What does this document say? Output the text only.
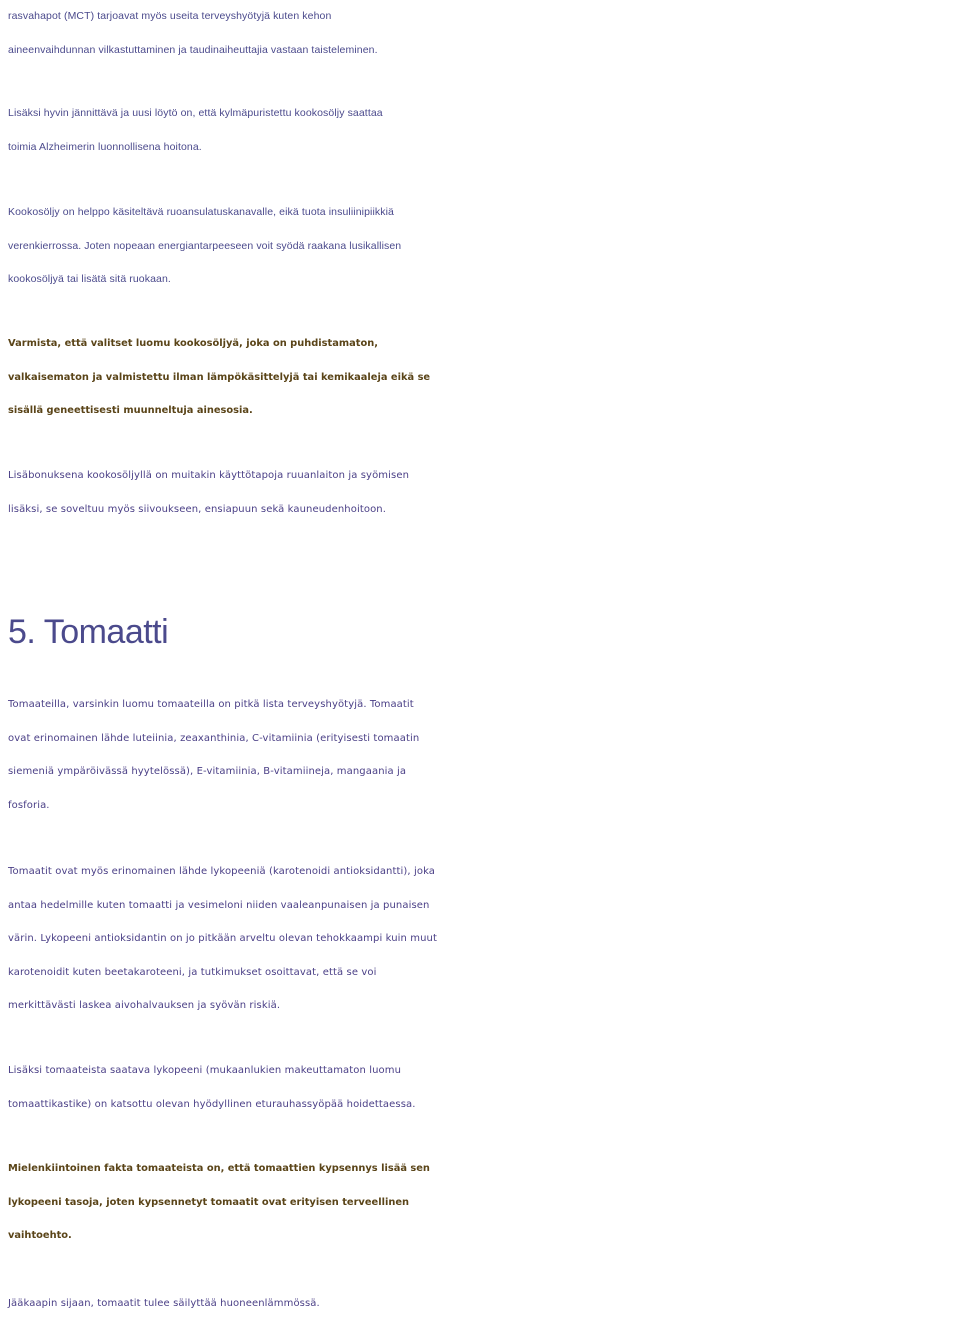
rasvahapot (MCT) tarjoavat myös useita terveyshyötyjä kuten kehon
aineenvaihdunnan vilkastuttaminen ja taudinaiheuttajia vastaan taisteleminen.

Lisäksi hyvin jännittävä ja uusi löytö on, että kylmäpuristettu kookosöljy saattaa
toimia Alzheimerin luonnollisena hoitona.

Kookosöljy on helppo käsiteltävä ruoansulatuskanavalle, eikä tuota insuliinipiikkiä
verenkierrossa. Joten nopeaan energiantarpeeseen voit syödä raakana lusikallisen
kookosöljyä tai lisätä sitä ruokaan.

Varmista, että valitset luomu kookosöljyä, joka on puhdistamaton,
valkaisematon ja valmistettu ilman lämpökäsittelyjä tai kemikaaleja eikä se
sisällä geneettisesti muunneltuja ainesosia.

Lisäbonuksena kookosöljyllä on muitakin käyttötapoja ruuanlaiton ja syömisen
lisäksi, se soveltuu myös siivoukseen, ensiapuun sekä kauneudenhoitoon.

5. Tomaatti

Tomaateilla, varsinkin luomu tomaateilla on pitkä lista terveyshyötyjä. Tomaatit
ovat erinomainen lähde luteiinia, zeaxanthinia, C-vitamiinia (erityisesti tomaatin
siemeniä ympäröivässä hyytelössä), E-vitamiinia, B-vitamiineja, mangaania ja
fosforia.

Tomaatit ovat myös erinomainen lähde lykopeeniä (karotenoidi antioksidantti), joka
antaa hedelmille kuten tomaatti ja vesimeloni niiden vaaleanpunaisen ja punaisen
värin. Lykopeeni antioksidantin on jo pitkään arveltu olevan tehokkaampi kuin muut
karotenoidit kuten beetakaroteeni, ja tutkimukset osoittavat, että se voi
merkittävästi laskea aivohalvauksen ja syövän riskiä.

Lisäksi tomaateista saatava lykopeeni (mukaanlukien makeuttamaton luomu
tomaattikastike) on katsottu olevan hyödyllinen eturauhassyöpää hoidettaessa.

Mielenkiintoinen fakta tomaateista on, että tomaattien kypsennys lisää sen
lykopeeni tasoja, joten kypsennetyt tomaatit ovat erityisen terveellinen
vaihtoehto.

Jääkaapin sijaan, tomaatit tulee säilyttää huoneenlämmössä.
